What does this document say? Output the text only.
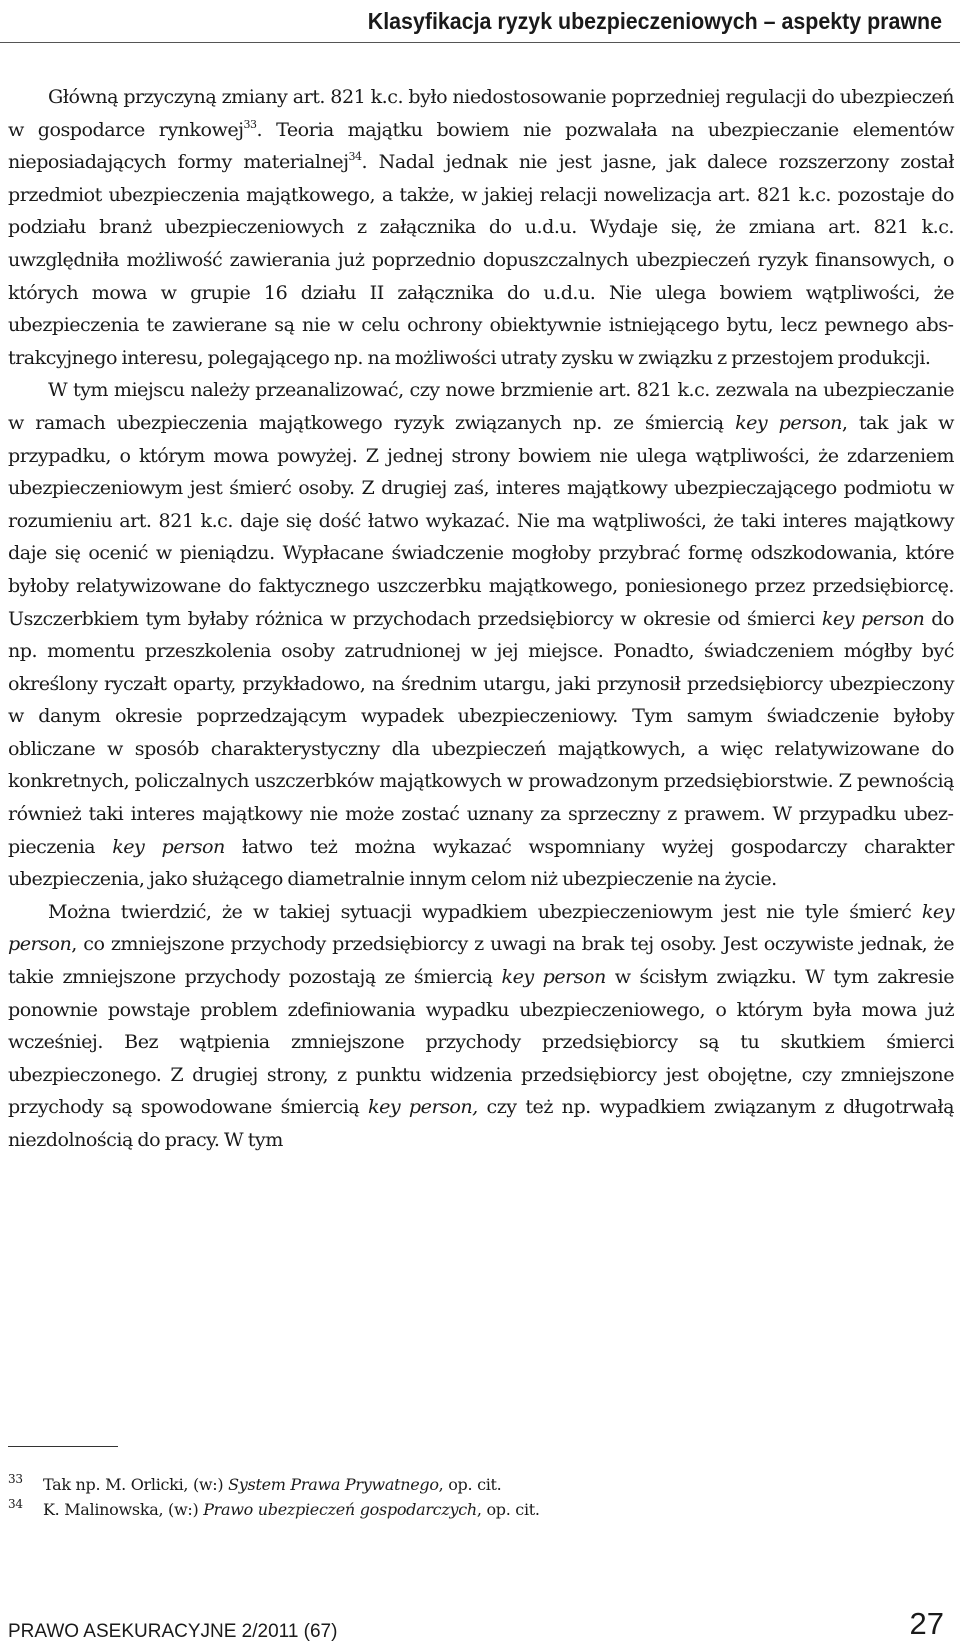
Klasyfikacja ryzyk ubezpieczeniowych – aspekty prawne

Główną przyczyną zmiany art. 821 k.c. było niedostosowanie poprzedniej regulacji do ubezpieczeń w gospodarce rynkowej$^{33}$. Teoria majątku bowiem nie pozwalała na ubezpieczanie elementów nieposiadających formy materialnej$^{34}$. Nadal jednak nie jest jasne, jak dalece rozszerzony został przedmiot ubezpieczenia majątkowego, a także, w jakiej relacji nowelizacja art. 821 k.c. pozostaje do podziału branż ubezpieczeniowych z załącznika do u.d.u. Wydaje się, że zmiana art. 821 k.c. uwzględniła możliwość zawierania już poprzednio dopuszczalnych ubezpieczeń ryzyk finansowych, o których mowa w grupie 16 działu II załącznika do u.d.u. Nie ulega bowiem wątpliwości, że ubezpieczenia te zawierane są nie w celu ochrony obiektywnie istniejącego bytu, lecz pewnego abstrakcyjnego interesu, polegającego np. na możliwości utraty zysku w związku z przestojem produkcji.

W tym miejscu należy przeanalizować, czy nowe brzmienie art. 821 k.c. zezwala na ubezpieczanie w ramach ubezpieczenia majątkowego ryzyk związanych np. ze śmiercią key person, tak jak w przypadku, o którym mowa powyżej. Z jednej strony bowiem nie ulega wątpliwości, że zdarzeniem ubezpieczeniowym jest śmierć osoby. Z drugiej zaś, interes majątkowy ubezpieczającego podmiotu w rozumieniu art. 821 k.c. daje się dość łatwo wykazać. Nie ma wątpliwości, że taki interes majątkowy daje się ocenić w pieniądzu. Wypłacane świadczenie mogłoby przybrać formę odszkodowania, które byłoby relatywizowane do faktycznego uszczerbku majątkowego, poniesionego przez przedsiębiorcę. Uszczerbkiem tym byłaby różnica w przychodach przedsiębiorcy w okresie od śmierci key person do np. momentu przeszkolenia osoby zatrudnionej w jej miejsce. Ponadto, świadczeniem mógłby być określony ryczałt oparty, przykładowo, na średnim utargu, jaki przynosił przedsiębiorcy ubezpieczony w danym okresie poprzedzającym wypadek ubezpieczeniowy. Tym samym świadczenie byłoby obliczane w sposób charakterystyczny dla ubezpieczeń majątkowych, a więc relatywizowane do konkretnych, policzalnych uszczerbków majątkowych w prowadzonym przedsiębiorstwie. Z pewnością również taki interes majątkowy nie może zostać uznany za sprzeczny z prawem. W przypadku ubezpieczenia key person łatwo też można wykazać wspomniany wyżej gospodarczy charakter ubezpieczenia, jako służącego diametralnie innym celom niż ubezpieczenie na życie.

Można twierdzić, że w takiej sytuacji wypadkiem ubezpieczeniowym jest nie tyle śmierć key person, co zmniejszone przychody przedsiębiorcy z uwagi na brak tej osoby. Jest oczywiste jednak, że takie zmniejszone przychody pozostają ze śmiercią key person w ścisłym związku. W tym zakresie ponownie powstaje problem zdefiniowania wypadku ubezpieczeniowego, o którym była mowa już wcześniej. Bez wątpienia zmniejszone przychody przedsiębiorcy są tu skutkiem śmierci ubezpieczonego. Z drugiej strony, z punktu widzenia przedsiębiorcy jest obojętne, czy zmniejszone przychody są spowodowane śmiercią key person, czy też np. wypadkiem związanym z długotrwałą niezdolnością do pracy. W tym

33	Tak np. M. Orlicki, (w:) System Prawa Prywatnego, op. cit.
34	K. Malinowska, (w:) Prawo ubezpieczeń gospodarczych, op. cit.
PRAWO ASEKURACYJNE 2/2011 (67)	27
